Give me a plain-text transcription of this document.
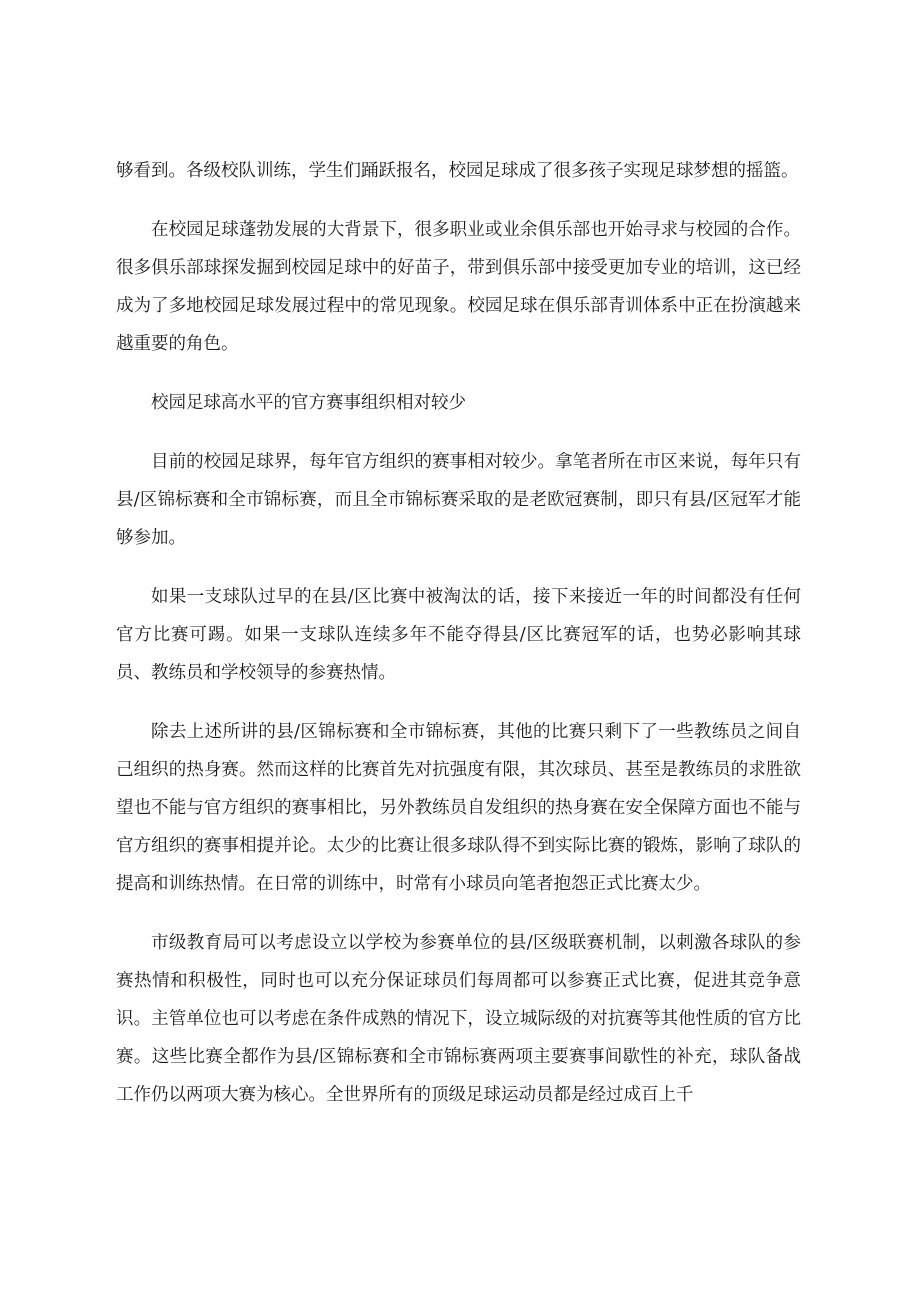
够看到。各级校队训练，学生们踊跃报名，校园足球成了很多孩子实现足球梦想的摇篮。

在校园足球蓬勃发展的大背景下，很多职业或业余俱乐部也开始寻求与校园的合作。很多俱乐部球探发掘到校园足球中的好苗子，带到俱乐部中接受更加专业的培训，这已经成为了多地校园足球发展过程中的常见现象。校园足球在俱乐部青训体系中正在扮演越来越重要的角色。

校园足球高水平的官方赛事组织相对较少

目前的校园足球界，每年官方组织的赛事相对较少。拿笔者所在市区来说，每年只有县/区锦标赛和全市锦标赛，而且全市锦标赛采取的是老欧冠赛制，即只有县/区冠军才能够参加。

如果一支球队过早的在县/区比赛中被淘汰的话，接下来接近一年的时间都没有任何官方比赛可踢。如果一支球队连续多年不能夺得县/区比赛冠军的话，也势必影响其球员、教练员和学校领导的参赛热情。

除去上述所讲的县/区锦标赛和全市锦标赛，其他的比赛只剩下了一些教练员之间自己组织的热身赛。然而这样的比赛首先对抗强度有限，其次球员、甚至是教练员的求胜欲望也不能与官方组织的赛事相比，另外教练员自发组织的热身赛在安全保障方面也不能与官方组织的赛事相提并论。太少的比赛让很多球队得不到实际比赛的锻炼，影响了球队的提高和训练热情。在日常的训练中，时常有小球员向笔者抱怨正式比赛太少。

市级教育局可以考虑设立以学校为参赛单位的县/区级联赛机制，以刺激各球队的参赛热情和积极性，同时也可以充分保证球员们每周都可以参赛正式比赛，促进其竞争意识。主管单位也可以考虑在条件成熟的情况下，设立城际级的对抗赛等其他性质的官方比赛。这些比赛全都作为县/区锦标赛和全市锦标赛两项主要赛事间歇性的补充，球队备战工作仍以两项大赛为核心。全世界所有的顶级足球运动员都是经过成百上千
